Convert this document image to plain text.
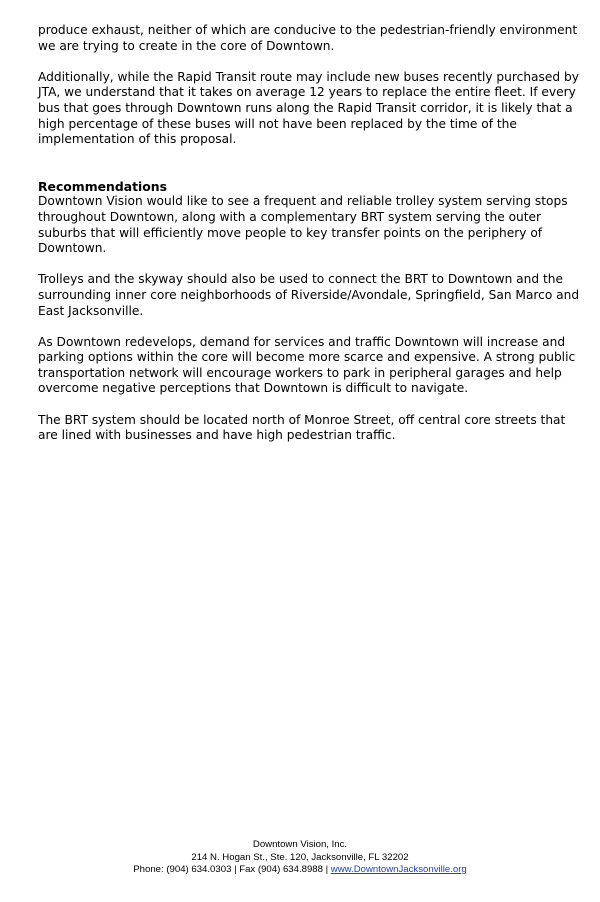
produce exhaust, neither of which are conducive to the pedestrian-friendly environment we are trying to create in the core of Downtown.

Additionally, while the Rapid Transit route may include new buses recently purchased by JTA, we understand that it takes on average 12 years to replace the entire fleet. If every bus that goes through Downtown runs along the Rapid Transit corridor, it is likely that a high percentage of these buses will not have been replaced by the time of the implementation of this proposal.

Recommendations

Downtown Vision would like to see a frequent and reliable trolley system serving stops throughout Downtown, along with a complementary BRT system serving the outer suburbs that will efficiently move people to key transfer points on the periphery of Downtown.

Trolleys and the skyway should also be used to connect the BRT to Downtown and the surrounding inner core neighborhoods of Riverside/Avondale, Springfield, San Marco and East Jacksonville.

As Downtown redevelops, demand for services and traffic Downtown will increase and parking options within the core will become more scarce and expensive. A strong public transportation network will encourage workers to park in peripheral garages and help overcome negative perceptions that Downtown is difficult to navigate.

The BRT system should be located north of Monroe Street, off central core streets that are lined with businesses and have high pedestrian traffic.

Downtown Vision, Inc.
214 N. Hogan St., Ste. 120, Jacksonville, FL 32202
Phone: (904) 634.0303 | Fax (904) 634.8988 | www.DowntownJacksonville.org
